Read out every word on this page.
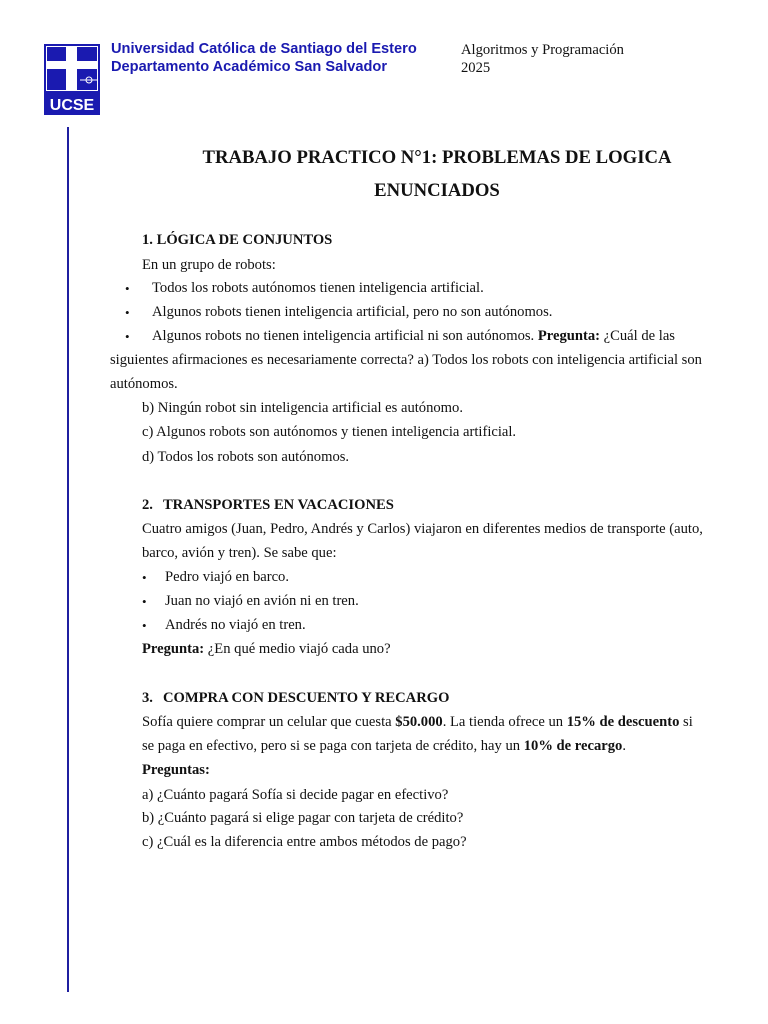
UCSE
Universidad Católica de Santiago del Estero
Departamento Académico San Salvador
Algoritmos y Programación
2025
TRABAJO PRACTICO N°1: PROBLEMAS DE LOGICA
ENUNCIADOS
1. LÓGICA DE CONJUNTOS
En un grupo de robots:
• Todos los robots autónomos tienen inteligencia artificial.
• Algunos robots tienen inteligencia artificial, pero no son autónomos.
• Algunos robots no tienen inteligencia artificial ni son autónomos. Pregunta: ¿Cuál de las
siguientes afirmaciones es necesariamente correcta? a) Todos los robots con inteligencia artificial son
autónomos.
b) Ningún robot sin inteligencia artificial es autónomo.
c) Algunos robots son autónomos y tienen inteligencia artificial.
d) Todos los robots son autónomos.
2. TRANSPORTES EN VACACIONES
Cuatro amigos (Juan, Pedro, Andrés y Carlos) viajaron en diferentes medios de transporte (auto,
barco, avión y tren). Se sabe que:
• Pedro viajó en barco.
• Juan no viajó en avión ni en tren.
• Andrés no viajó en tren.
Pregunta: ¿En qué medio viajó cada uno?
3. COMPRA CON DESCUENTO Y RECARGO
Sofía quiere comprar un celular que cuesta $50.000. La tienda ofrece un 15% de descuento si
se paga en efectivo, pero si se paga con tarjeta de crédito, hay un 10% de recargo.
Preguntas:
a) ¿Cuánto pagará Sofía si decide pagar en efectivo?
b) ¿Cuánto pagará si elige pagar con tarjeta de crédito?
c) ¿Cuál es la diferencia entre ambos métodos de pago?
